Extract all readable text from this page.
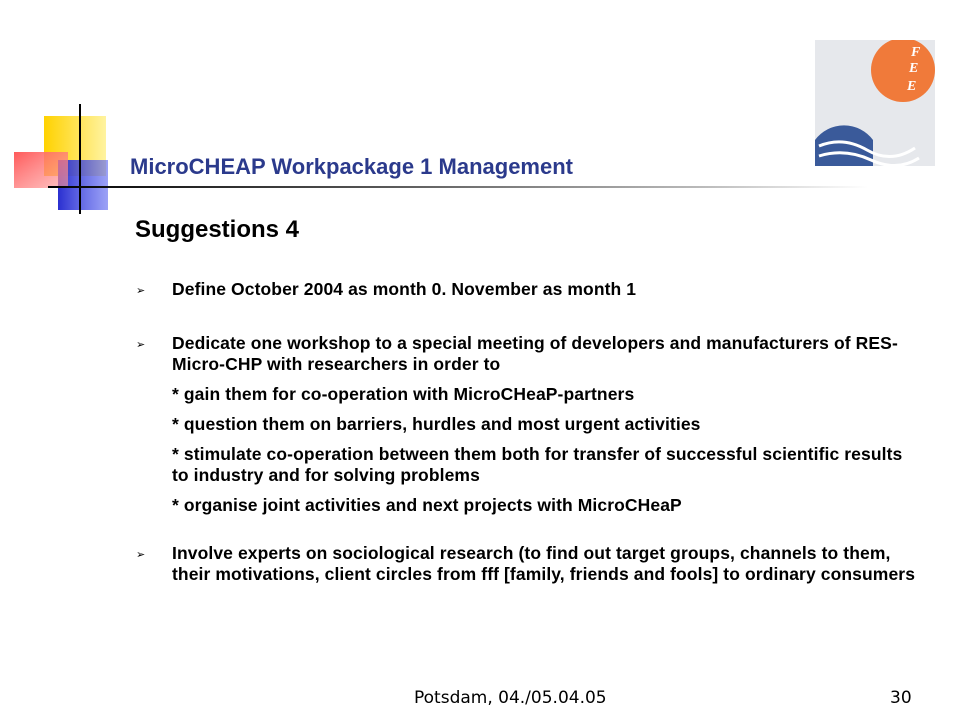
MicroCHEAP Workpackage 1 Management
F
E
E
Suggestions 4
➢ Define October 2004 as month 0. November as month 1
➢ Dedicate one workshop to a special meeting of developers and manufacturers of RES-Micro-CHP with researchers in order to
* gain them for co-operation with MicroCHeaP-partners
* question them on barriers, hurdles and most urgent activities
* stimulate co-operation between them both for transfer of successful scientific results to industry and for solving problems
* organise joint activities and next projects with MicroCHeaP
➢ Involve experts on sociological research (to find out target groups, channels to them, their motivations, client circles from fff [family, friends and fools] to ordinary consumers
Potsdam, 04./05.04.05	30
